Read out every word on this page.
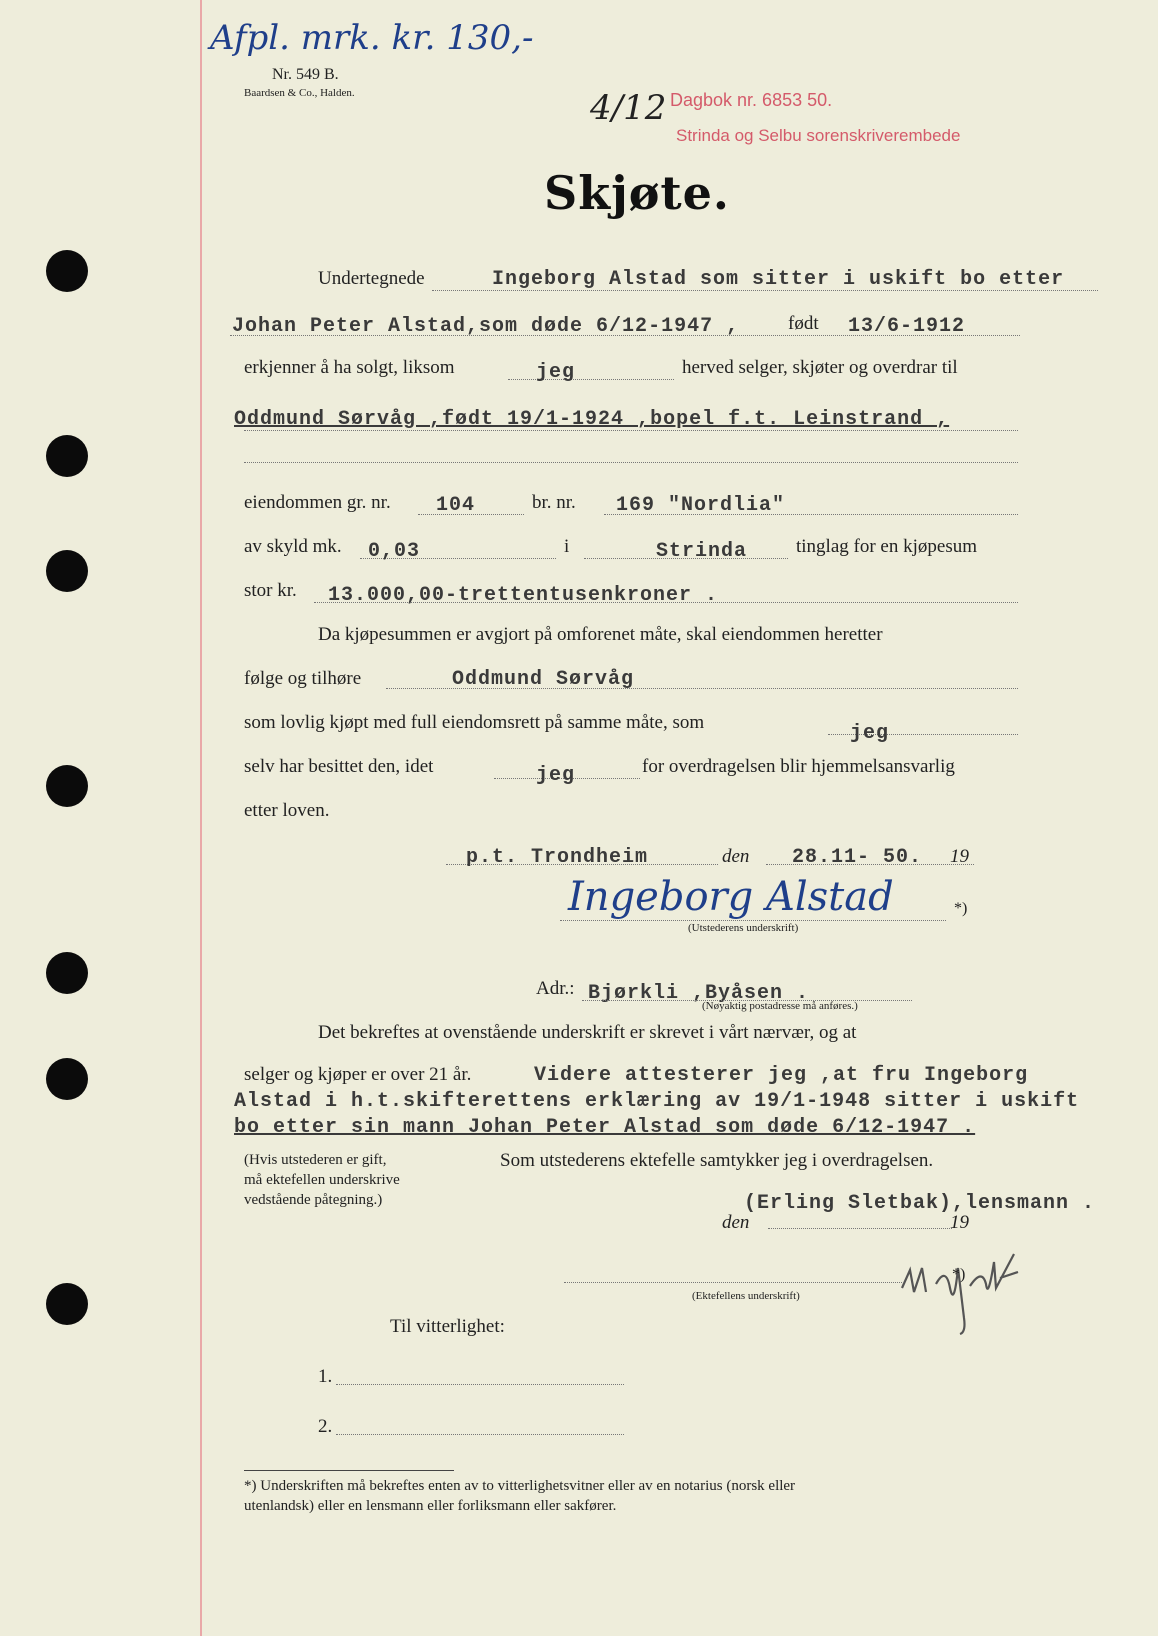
Afpl. mrk. kr. 130,-
Nr. 549 B.
Baardsen & Co., Halden.	4/12 Dagbok nr. 6853 50.
Strinda og Selbu sorenskriverembede
Skjøte.
Undertegnede	Ingeborg Alstad som sitter i uskift bo etter
Johan Peter Alstad,som døde 6/12-1947 ,	født 13/6-1912
erkjenner å ha solgt, liksom	jeg	herved selger, skjøter og overdrar til
Oddmund Sørvåg ,født 19/1-1924 ,bopel f.t. Leinstrand ,
eiendommen gr. nr. 104	br. nr. 169 "Nordlia"
av skyld mk. 0,03	i	Strinda	tinglag for en kjøpesum
stor kr. 13.000,00-trettentusenkroner .
Da kjøpesummen er avgjort på omforenet måte, skal eiendommen heretter
følge og tilhøre	Oddmund Sørvåg
som lovlig kjøpt med full eiendomsrett på samme måte, som	jeg
selv har besittet den, idet	jeg	for overdragelsen blir hjemmelsansvarlig
etter loven.
p.t. Trondheim	den 28.11- 50. 19
Ingeborg Alstad	*)
(Utstederens underskrift)
Adr.: Bjørkli ,Byåsen .
(Nøyaktig postadresse må anføres.)
Det bekreftes at ovenstående underskrift er skrevet i vårt nærvær, og at
selger og kjøper er over 21 år.	Videre attesterer jeg ,at fru Ingeborg
Alstad i h.t.skifterettens erklæring av 19/1-1948 sitter i uskift
bo etter sin mann Johan Peter Alstad som døde 6/12-1947 .
(Hvis utstederen er gift,
må ektefellen underskrive
vedstående påtegning.)
Som utstederens ektefelle samtykker jeg i overdragelsen.
(Erling Sletbak),lensmann .
den	19
*)
(Ektefellens underskrift)
Til vitterlighet:
1.
2.
*) Underskriften må bekreftes enten av to vitterlighetsvitner eller av en notarius (norsk eller
utenlandsk) eller en lensmann eller forliksmann eller sakfører.
